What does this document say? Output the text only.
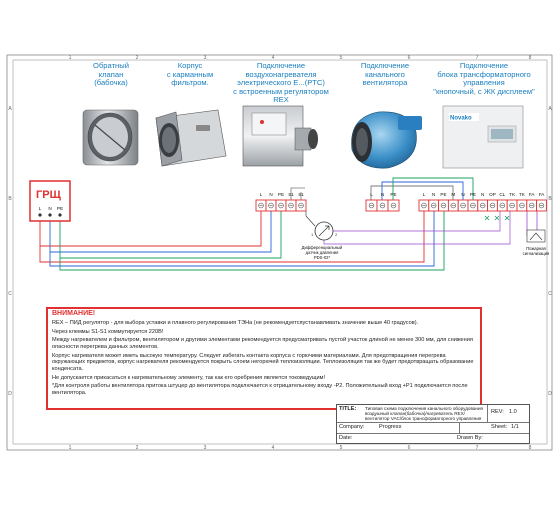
1
1
2
2
3
3
4
4
5
5
6
6
7
7
8
8
A	A
B	B
C	C
D	D
Novako
ГРЩ
L N PE
L N PE S1 S1	L N PE	L N PE M N PE N OP CL TK TK FA FA
1	2
Дифференциальный
датчик давления
PDS-02*
Пожарная
сигнализация
Обратный
клапан
(бабочка)
Корпус
с карманным
фильтром.
Подключение
воздухонагревателя
электрического E...(PTC)
с встроенным регулятором REX
Подключение
канального
вентилятора
Подключение
блока трансформаторного
управления
"кнопочный, с ЖК дисплеем"

ВНИМАНИЕ!

REX – ПИД регулятор - для выбора уставки и плавного регулирования ТЭНа (не рекомендуетсяустанавливать значение выше 40 градусов).

Через клеммы S1-S1 коммутируется 220В!

Между нагревателем и фильтром, вентилятором и другими элементами рекомендуется предусматривать пустой участок длиной не менее 300 мм, для снижения опасности перегрева данных элементов.

Корпус нагревателя может иметь высокую температуру. Следует избегать контакта корпуса с горючими материалами. Для предотвращения перегрева окружающих предметов, корпус нагревателя рекомендуется покрыть слоем негорючей теплоизоляции. Теплоизоляция так же будет предотвращать образование конденсата.

Не допускается прикасаться к нагревательному элементу, так как его оребрения является токоведущим!

*Для контроля работы вентилятора притока штуцер до вентилятора подключается к отрицательному входу -P2. Положительный вход +P1 подключается после вентилятора.

TITLE:	Типовая схема подключения канального оборудования воздушный клапан(бабочка)/нагреватель REX/вентилятор VAC/блок трансформаторного управления
REV: 1.0
Company:	Progress	Sheet: 1/1
Date:	Drawn By:
